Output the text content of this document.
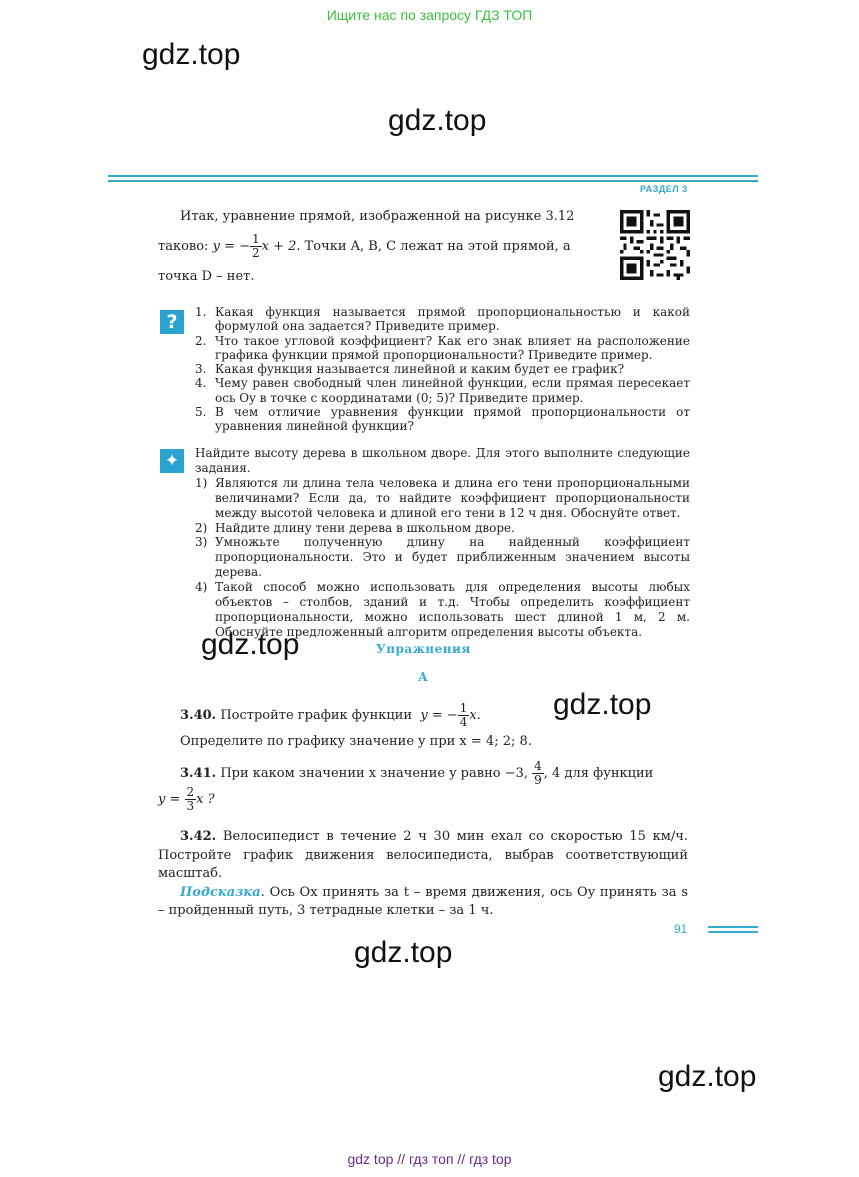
Ищите нас по запросу ГДЗ ТОП
gdz.top
gdz.top
РАЗДЕЛ 3
Итак, уравнение прямой, изображенной на рисунке 3.12
таково: y = − $\frac{1}{2}$ x + 2. Точки A, B, C лежат на этой прямой, а
точка D – нет.
?	1. Какая функция называется прямой пропорциональностью и какой формулой она задается? Приведите пример.
2. Что такое угловой коэффициент? Как его знак влияет на расположение графика функции прямой пропорциональности? Приведите пример.
3. Какая функция называется линейной и каким будет ее график?
4. Чему равен свободный член линейной функции, если прямая пересекает ось Oy в точке с координатами (0; 5)? Приведите пример.
5. В чем отличие уравнения функции прямой пропорциональности от уравнения линейной функции?
✦	Найдите высоту дерева в школьном дворе. Для этого выполните следующие задания.
1) Являются ли длина тела человека и длина его тени пропорциональными величинами? Если да, то найдите коэффициент пропорциональности между высотой человека и длиной его тени в 12 ч дня. Обоснуйте ответ.
2) Найдите длину тени дерева в школьном дворе.
3) Умножьте полученную длину на найденный коэффициент пропорциональности. Это и будет приближенным значением высоты дерева.
4) Такой способ можно использовать для определения высоты любых объектов – столбов, зданий и т.д. Чтобы определить коэффициент пропорциональности, можно использовать шест длиной 1 м, 2 м. Обоснуйте предложенный алгоритм определения высоты объекта.
gdz.top	Упражнения
А
3.40. Постройте график функции y = − $\frac{1}{4} x$. gdz.top
Определите по графику значение y при x = 4; 2; 8.
3.41. При каком значении x значение y равно −3, $\frac{4}{9}$ , 4 для функции
$y = \frac{2}{3}$ x ?
3.42. Велосипедист в течение 2 ч 30 мин ехал со скоростью 15 км/ч. Постройте график движения велосипедиста, выбрав соответствующий масштаб.
Подсказка. Ось Ox принять за t – время движения, ось Oy принять за s – пройденный путь, 3 тетрадные клетки – за 1 ч.
91
gdz.top
gdz.top
gdz top // гдз топ // гдз top
